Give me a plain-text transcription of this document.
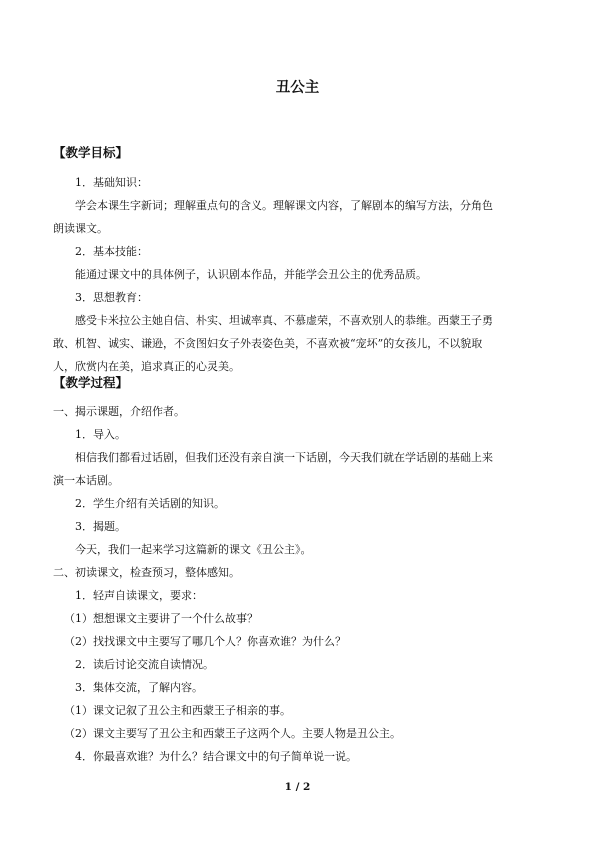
丑公主
【教学目标】
1．基础知识：
学会本课生字新词；理解重点句的含义。理解课文内容，了解剧本的编写方法，分角色
朗读课文。
2．基本技能：
能通过课文中的具体例子，认识剧本作品，并能学会丑公主的优秀品质。
3．思想教育：
感受卡米拉公主她自信、朴实、坦诚率真、不慕虚荣，不喜欢别人的恭维。西蒙王子勇
敢、机智、诚实、谦逊，不贪图妇女子外表姿色美，不喜欢被“宠坏”的女孩儿，不以貌取
人，欣赏内在美，追求真正的心灵美。
【教学过程】
一、揭示课题，介绍作者。
1．导入。
相信我们都看过话剧，但我们还没有亲自演一下话剧，今天我们就在学话剧的基础上来
演一本话剧。
2．学生介绍有关话剧的知识。
3．揭题。
今天，我们一起来学习这篇新的课文《丑公主》。
二、初读课文，检查预习，整体感知。
1．轻声自读课文，要求：
（1）想想课文主要讲了一个什么故事？
（2）找找课文中主要写了哪几个人？你喜欢谁？为什么？
2．读后讨论交流自读情况。
3．集体交流，了解内容。
（1）课文记叙了丑公主和西蒙王子相亲的事。
（2）课文主要写了丑公主和西蒙王子这两个人。主要人物是丑公主。
4．你最喜欢谁？为什么？结合课文中的句子简单说一说。
1 / 2
